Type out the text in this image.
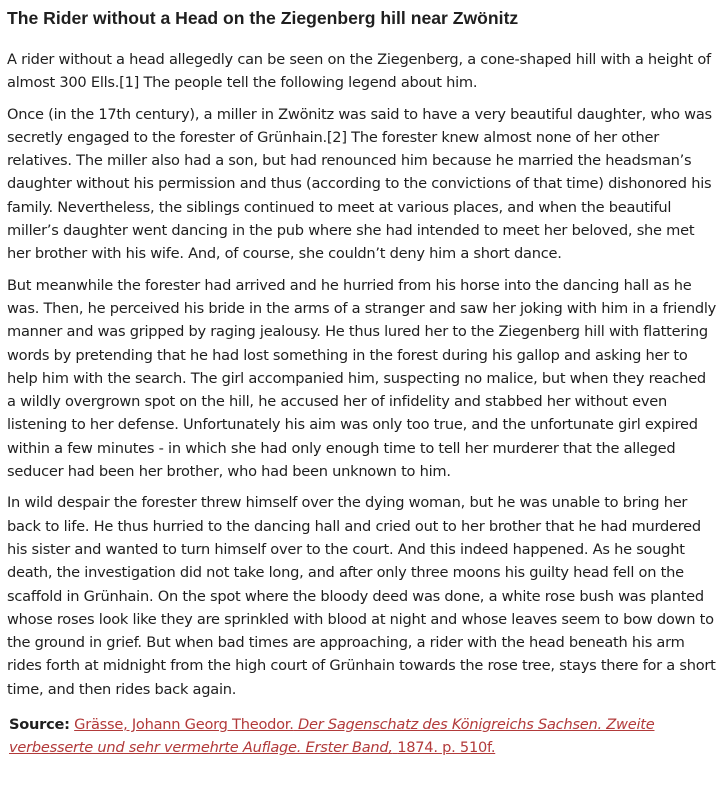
The Rider without a Head on the Ziegenberg hill near Zwönitz

A rider without a head allegedly can be seen on the Ziegenberg, a cone-shaped hill with a height of almost 300 Ells.[1] The people tell the following legend about him.

Once (in the 17th century), a miller in Zwönitz was said to have a very beautiful daughter, who was secretly engaged to the forester of Grünhain.[2] The forester knew almost none of her other relatives. The miller also had a son, but had renounced him because he married the headsman’s daughter without his permission and thus (according to the convictions of that time) dishonored his family. Nevertheless, the siblings continued to meet at various places, and when the beautiful miller’s daughter went dancing in the pub where she had intended to meet her beloved, she met her brother with his wife. And, of course, she couldn’t deny him a short dance.

But meanwhile the forester had arrived and he hurried from his horse into the dancing hall as he was. Then, he perceived his bride in the arms of a stranger and saw her joking with him in a friendly manner and was gripped by raging jealousy. He thus lured her to the Ziegenberg hill with flattering words by pretending that he had lost something in the forest during his gallop and asking her to help him with the search. The girl accompanied him, suspecting no malice, but when they reached a wildly overgrown spot on the hill, he accused her of infidelity and stabbed her without even listening to her defense. Unfortunately his aim was only too true, and the unfortunate girl expired within a few minutes - in which she had only enough time to tell her murderer that the alleged seducer had been her brother, who had been unknown to him.

In wild despair the forester threw himself over the dying woman, but he was unable to bring her back to life. He thus hurried to the dancing hall and cried out to her brother that he had murdered his sister and wanted to turn himself over to the court. And this indeed happened. As he sought death, the investigation did not take long, and after only three moons his guilty head fell on the scaffold in Grünhain. On the spot where the bloody deed was done, a white rose bush was planted whose roses look like they are sprinkled with blood at night and whose leaves seem to bow down to the ground in grief. But when bad times are approaching, a rider with the head beneath his arm rides forth at midnight from the high court of Grünhain towards the rose tree, stays there for a short time, and then rides back again.

Source: Grässe, Johann Georg Theodor. Der Sagenschatz des Königreichs Sachsen. Zweite verbesserte und sehr vermehrte Auflage. Erster Band, 1874. p. 510f.
